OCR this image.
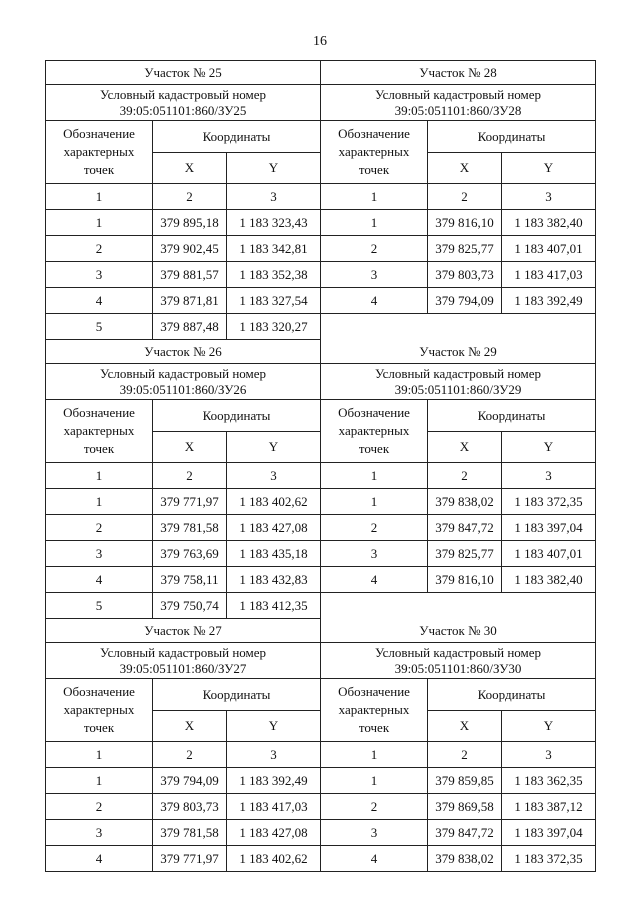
16
Участок № 25
Условный кадастровый номер
39:05:051101:860/ЗУ25
Обозначение
характерных
точек
Координаты
X	Y
1	2	3
1	379 895,18	1 183 323,43
2	379 902,45	1 183 342,81
3	379 881,57	1 183 352,38
4	379 871,81	1 183 327,54
5	379 887,48	1 183 320,27
Участок № 28
Условный кадастровый номер
39:05:051101:860/ЗУ28
Обозначение
характерных
точек
Координаты
X	Y
1	2	3
1	379 816,10	1 183 382,40
2	379 825,77	1 183 407,01
3	379 803,73	1 183 417,03
4	379 794,09	1 183 392,49
Участок № 26
Условный кадастровый номер
39:05:051101:860/ЗУ26
Обозначение
характерных
точек
Координаты
X	Y
1	2	3
1	379 771,97	1 183 402,62
2	379 781,58	1 183 427,08
3	379 763,69	1 183 435,18
4	379 758,11	1 183 432,83
5	379 750,74	1 183 412,35
Участок № 29
Условный кадастровый номер
39:05:051101:860/ЗУ29
Обозначение
характерных
точек
Координаты
X	Y
1	2	3
1	379 838,02	1 183 372,35
2	379 847,72	1 183 397,04
3	379 825,77	1 183 407,01
4	379 816,10	1 183 382,40
Участок № 27
Условный кадастровый номер
39:05:051101:860/ЗУ27
Обозначение
характерных
точек
Координаты
X	Y
1	2	3
1	379 794,09	1 183 392,49
2	379 803,73	1 183 417,03
3	379 781,58	1 183 427,08
4	379 771,97	1 183 402,62
Участок № 30
Условный кадастровый номер
39:05:051101:860/ЗУ30
Обозначение
характерных
точек
Координаты
X	Y
1	2	3
1	379 859,85	1 183 362,35
2	379 869,58	1 183 387,12
3	379 847,72	1 183 397,04
4	379 838,02	1 183 372,35
